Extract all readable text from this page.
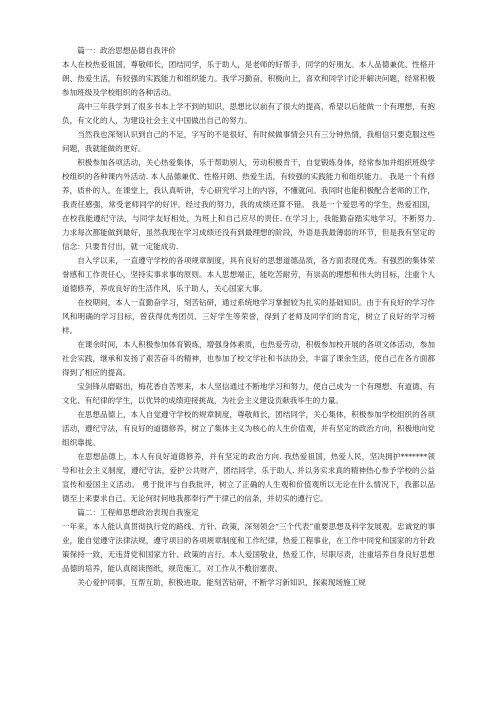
篇一：政治思想品德自我评价

本人在校热爱祖国，尊敬师长，团结同学，乐于助人，是老师的好帮手，同学的好朋友。本人品德兼优、性格开朗、热爱生活，有较强的实践能力和组织能力。我学习勤奋，积极向上，喜欢和同学讨论并解决问题，经常积极参加班级及学校组织的各种活动。

高中三年我学到了很多书本上学不到的知识，思想比以前有了很大的提高，希望以后能做一个有理想，有抱负，有文化的人，为建设社会主义中国做出自己的努力。

当然我也深刻认识到自己的不足，字写的不是很好，有时候做事情会只有三分钟热情，我相信只要克服这些问题，我就能做的更好。

积极参加各项活动，关心热爱集体，乐于帮助别人，劳动积极肯干，自觉锻炼身体，经常参加并组织班级学校组织的各种课内外活动. 本人品德兼优、性格开朗、热爱生活，有较强的实践能力和组织能力。 我是一个有修养，质朴的人。在课堂上，我认真听讲，专心研究学习上的内容，不懂就问。我同时也能积极配合老师的工作，我责任感强，常受老师同学的好评。经过我的努力，我的成绩还算不错。 我是一个爱思考的学生，热爱祖国，在校我能遵纪守法，与同学友好相处，为班上和自己应尽的责任. 在学习上，我能勤奋踏实地学习，不断努力. 力求每次都能做到最好，虽然我现在学习成绩还没有到最理想的阶段，外语是我最薄弱的环节，但是我有坚定的信念：只要肯付出，就一定能成功.

自入学以来，一直遵守学校的各项规章制度，具有良好的思想道德品质，各方面表现优秀。有强烈的集体荣誉感和工作责任心，坚持实事求事的原则。本人思想端正，能吃苦耐劳，有崇高的理想和伟大的目标，注重个人道德修养，养成良好的生活作风，乐于助人，关心国家大事。

在校期间，本人一直勤奋学习，刻苦钻研，通过系统地学习掌握较为扎实的基础知识。由于有良好的学习作风和明确的学习目标，曾获得优秀团员、三好学生等荣誉，得到了老师及同学们的肯定，树立了良好的学习榜样。

在课余时间，本人积极参加体育锻炼，增强身体素质，也热爱劳动，积极参加校开展的各项文体活动，参加社会实践，继承和发扬了艰苦奋斗的精神，也参加了校文学社和书法协会，丰富了课余生活，使自己在各方面都得到了相应的提高。

宝剑锋从磨砺出，梅花香自苦寒来，本人坚信通过不断地学习和努力，使自己成为一个有理想、有道德、有文化、有纪律的学生，以优异的成绩迎接挑战，为社会主义建设贡献我毕生的力量。

在思想品德上，本人自觉遵守学校的规章制度，尊敬师长，团结同学，关心集体，积极参加学校组织的各项活动，遵纪守法，有良好的道德修养，树立了集体主义为核心的人生价值观，并有坚定的政治方向，积极地向党组织靠拢。

在思想品德上，本人有良好道德修养，并有坚定的政治方向. 我热爱祖国，热爱人民，坚决拥护*******领导和社会主义制度，遵纪守法，爱护公共财产，团结同学，乐于助人. 并以务实求真的精神热心参予学校的公益宣传和爱国主义活动。 勇于批评与自我批评，树立了正确的人生观和价值观所以无论在什么情况下，我都以品德至上来要求自己。无论何时何地我都奉行严于律己的信条，并切实的遵行它。

篇二：工程师思想政治表现自我鉴定

一年来，本人能认真贯彻执行党的路线、方针、政策，深刻领会“三个代表”重要思想及科学发展观。忠诚党的事业，能自觉遵守法律法规，遵守项目的各项规章制度和工作纪律，热爱工程事业，在工作中同党和国家的方针政策保持一致，无违背党和国家方针、政策的言行。本人爱国敬业，热爱工作，尽职尽责，注重培养自身良好思想品德的培养，能认真阅读图纸，规范施工，对工作从不敷衍塞责。

关心爱护同事，互帮互助，积极进取。能刻苦钻研，不断学习新知识，探索现场施工规
